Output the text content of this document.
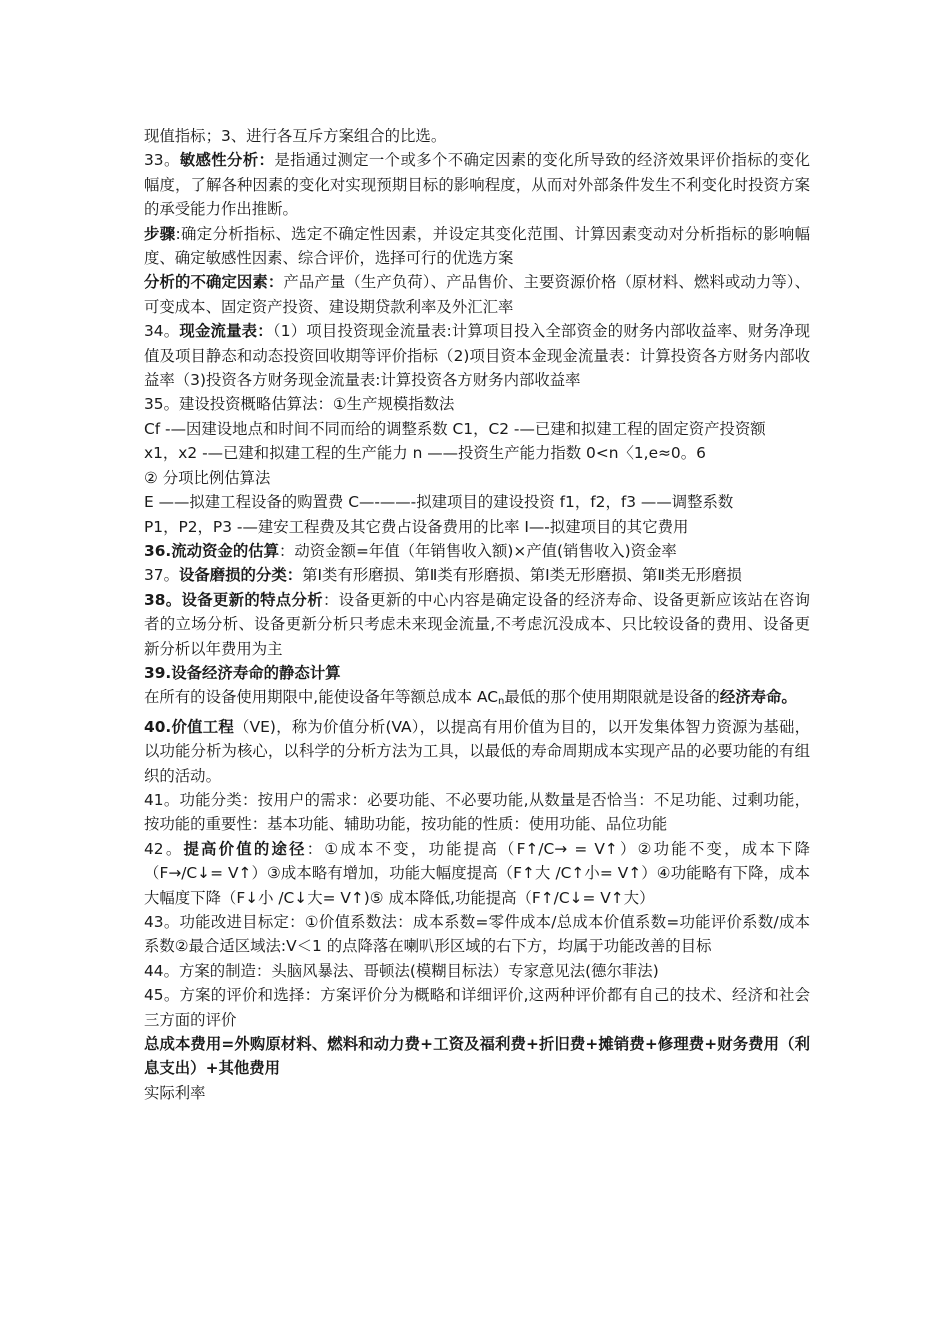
现值指标；3、进行各互斥方案组合的比选。

33。敏感性分析：是指通过测定一个或多个不确定因素的变化所导致的经济效果评价指标的变化幅度，了解各种因素的变化对实现预期目标的影响程度，从而对外部条件发生不利变化时投资方案的承受能力作出推断。

步骤:确定分析指标、选定不确定性因素，并设定其变化范围、计算因素变动对分析指标的影响幅度、确定敏感性因素、综合评价，选择可行的优选方案

分析的不确定因素：产品产量（生产负荷）、产品售价、主要资源价格（原材料、燃料或动力等）、可变成本、固定资产投资、建设期贷款利率及外汇汇率

34。现金流量表：（1）项目投资现金流量表:计算项目投入全部资金的财务内部收益率、财务净现值及项目静态和动态投资回收期等评价指标（2)项目资本金现金流量表：计算投资各方财务内部收益率（3)投资各方财务现金流量表:计算投资各方财务内部收益率

35。建设投资概略估算法：①生产规模指数法

Cf -—因建设地点和时间不同而给的调整系数 C1，C2 -—已建和拟建工程的固定资产投资额

x1，x2 -—已建和拟建工程的生产能力 n ——投资生产能力指数 0<n〈1,e≈0。6

② 分项比例估算法

E ——拟建工程设备的购置费 C—-——-拟建项目的建设投资 f1，f2，f3 ——调整系数

P1，P2，P3 -—建安工程费及其它费占设备费用的比率 I—-拟建项目的其它费用

36.流动资金的估算：动资金额=年值（年销售收入额)×产值(销售收入)资金率

37。设备磨损的分类：第Ⅰ类有形磨损、第Ⅱ类有形磨损、第Ⅰ类无形磨损、第Ⅱ类无形磨损

38。设备更新的特点分析：设备更新的中心内容是确定设备的经济寿命、设备更新应该站在咨询者的立场分析、设备更新分析只考虑未来现金流量,不考虑沉没成本、只比较设备的费用、设备更新分析以年费用为主

39.设备经济寿命的静态计算

在所有的设备使用期限中,能使设备年等额总成本 $AC_n$最低的那个使用期限就是设备的经济寿命。

40.价值工程（VE)，称为价值分析(VA），以提高有用价值为目的，以开发集体智力资源为基础，以功能分析为核心，以科学的分析方法为工具，以最低的寿命周期成本实现产品的必要功能的有组织的活动。

41。功能分类：按用户的需求：必要功能、不必要功能,从数量是否恰当：不足功能、过剩功能，按功能的重要性：基本功能、辅助功能，按功能的性质：使用功能、品位功能

42。提高价值的途径：①成本不变，功能提高（F↑/C→ = V↑）②功能不变，成本下降（F→/C↓= V↑）③成本略有增加，功能大幅度提高（F↑大 /C↑小= V↑）④功能略有下降，成本大幅度下降（F↓小 /C↓大= V↑)⑤ 成本降低,功能提高（F↑/C↓= V↑大）

43。功能改进目标定：①价值系数法：成本系数=零件成本/总成本价值系数=功能评价系数/成本系数②最合适区域法:V＜1 的点降落在喇叭形区域的右下方，均属于功能改善的目标

44。方案的制造：头脑风暴法、哥顿法(模糊目标法）专家意见法(德尔菲法)

45。方案的评价和选择：方案评价分为概略和详细评价,这两种评价都有自己的技术、经济和社会三方面的评价

总成本费用=外购原材料、燃料和动力费+工资及福利费+折旧费+摊销费+修理费+财务费用（利息支出）+其他费用

实际利率
